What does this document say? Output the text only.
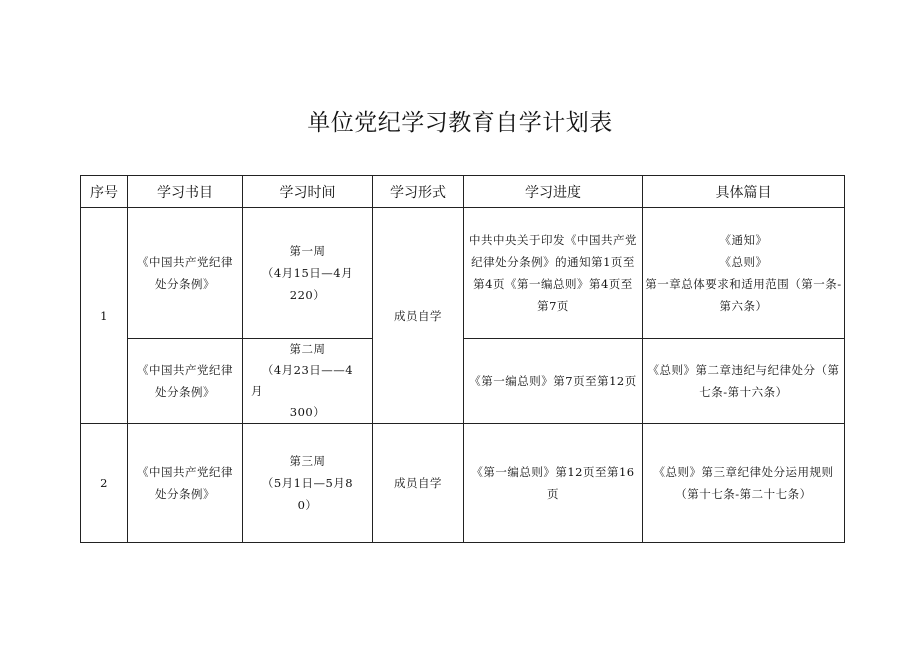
单位党纪学习教育自学计划表
序号	学习书目	学习时间	学习形式	学习进度	具体篇目
1	《中国共产党纪律处分条例》	第一周
（4月15日—4月
220）	成员自学	中共中央关于印发《中国共产党纪律处分条例》的通知第1页至第4页《第一编总则》第4页至第7页	《通知》
《总则》
第一章总体要求和适用范围（第一条-第六条）

	《中国共产党纪律处分条例》	第二周
（4月23日——4
月
300）		《第一编总则》第7页至第12页	《总则》第二章违纪与纪律处分（第七条-第十六条）

2	《中国共产党纪律处分条例》	第三周
（5月1日—5月8
0）	成员自学	《第一编总则》第12页至第16页	《总则》第三章纪律处分运用规则（第十七条-第二十七条）
